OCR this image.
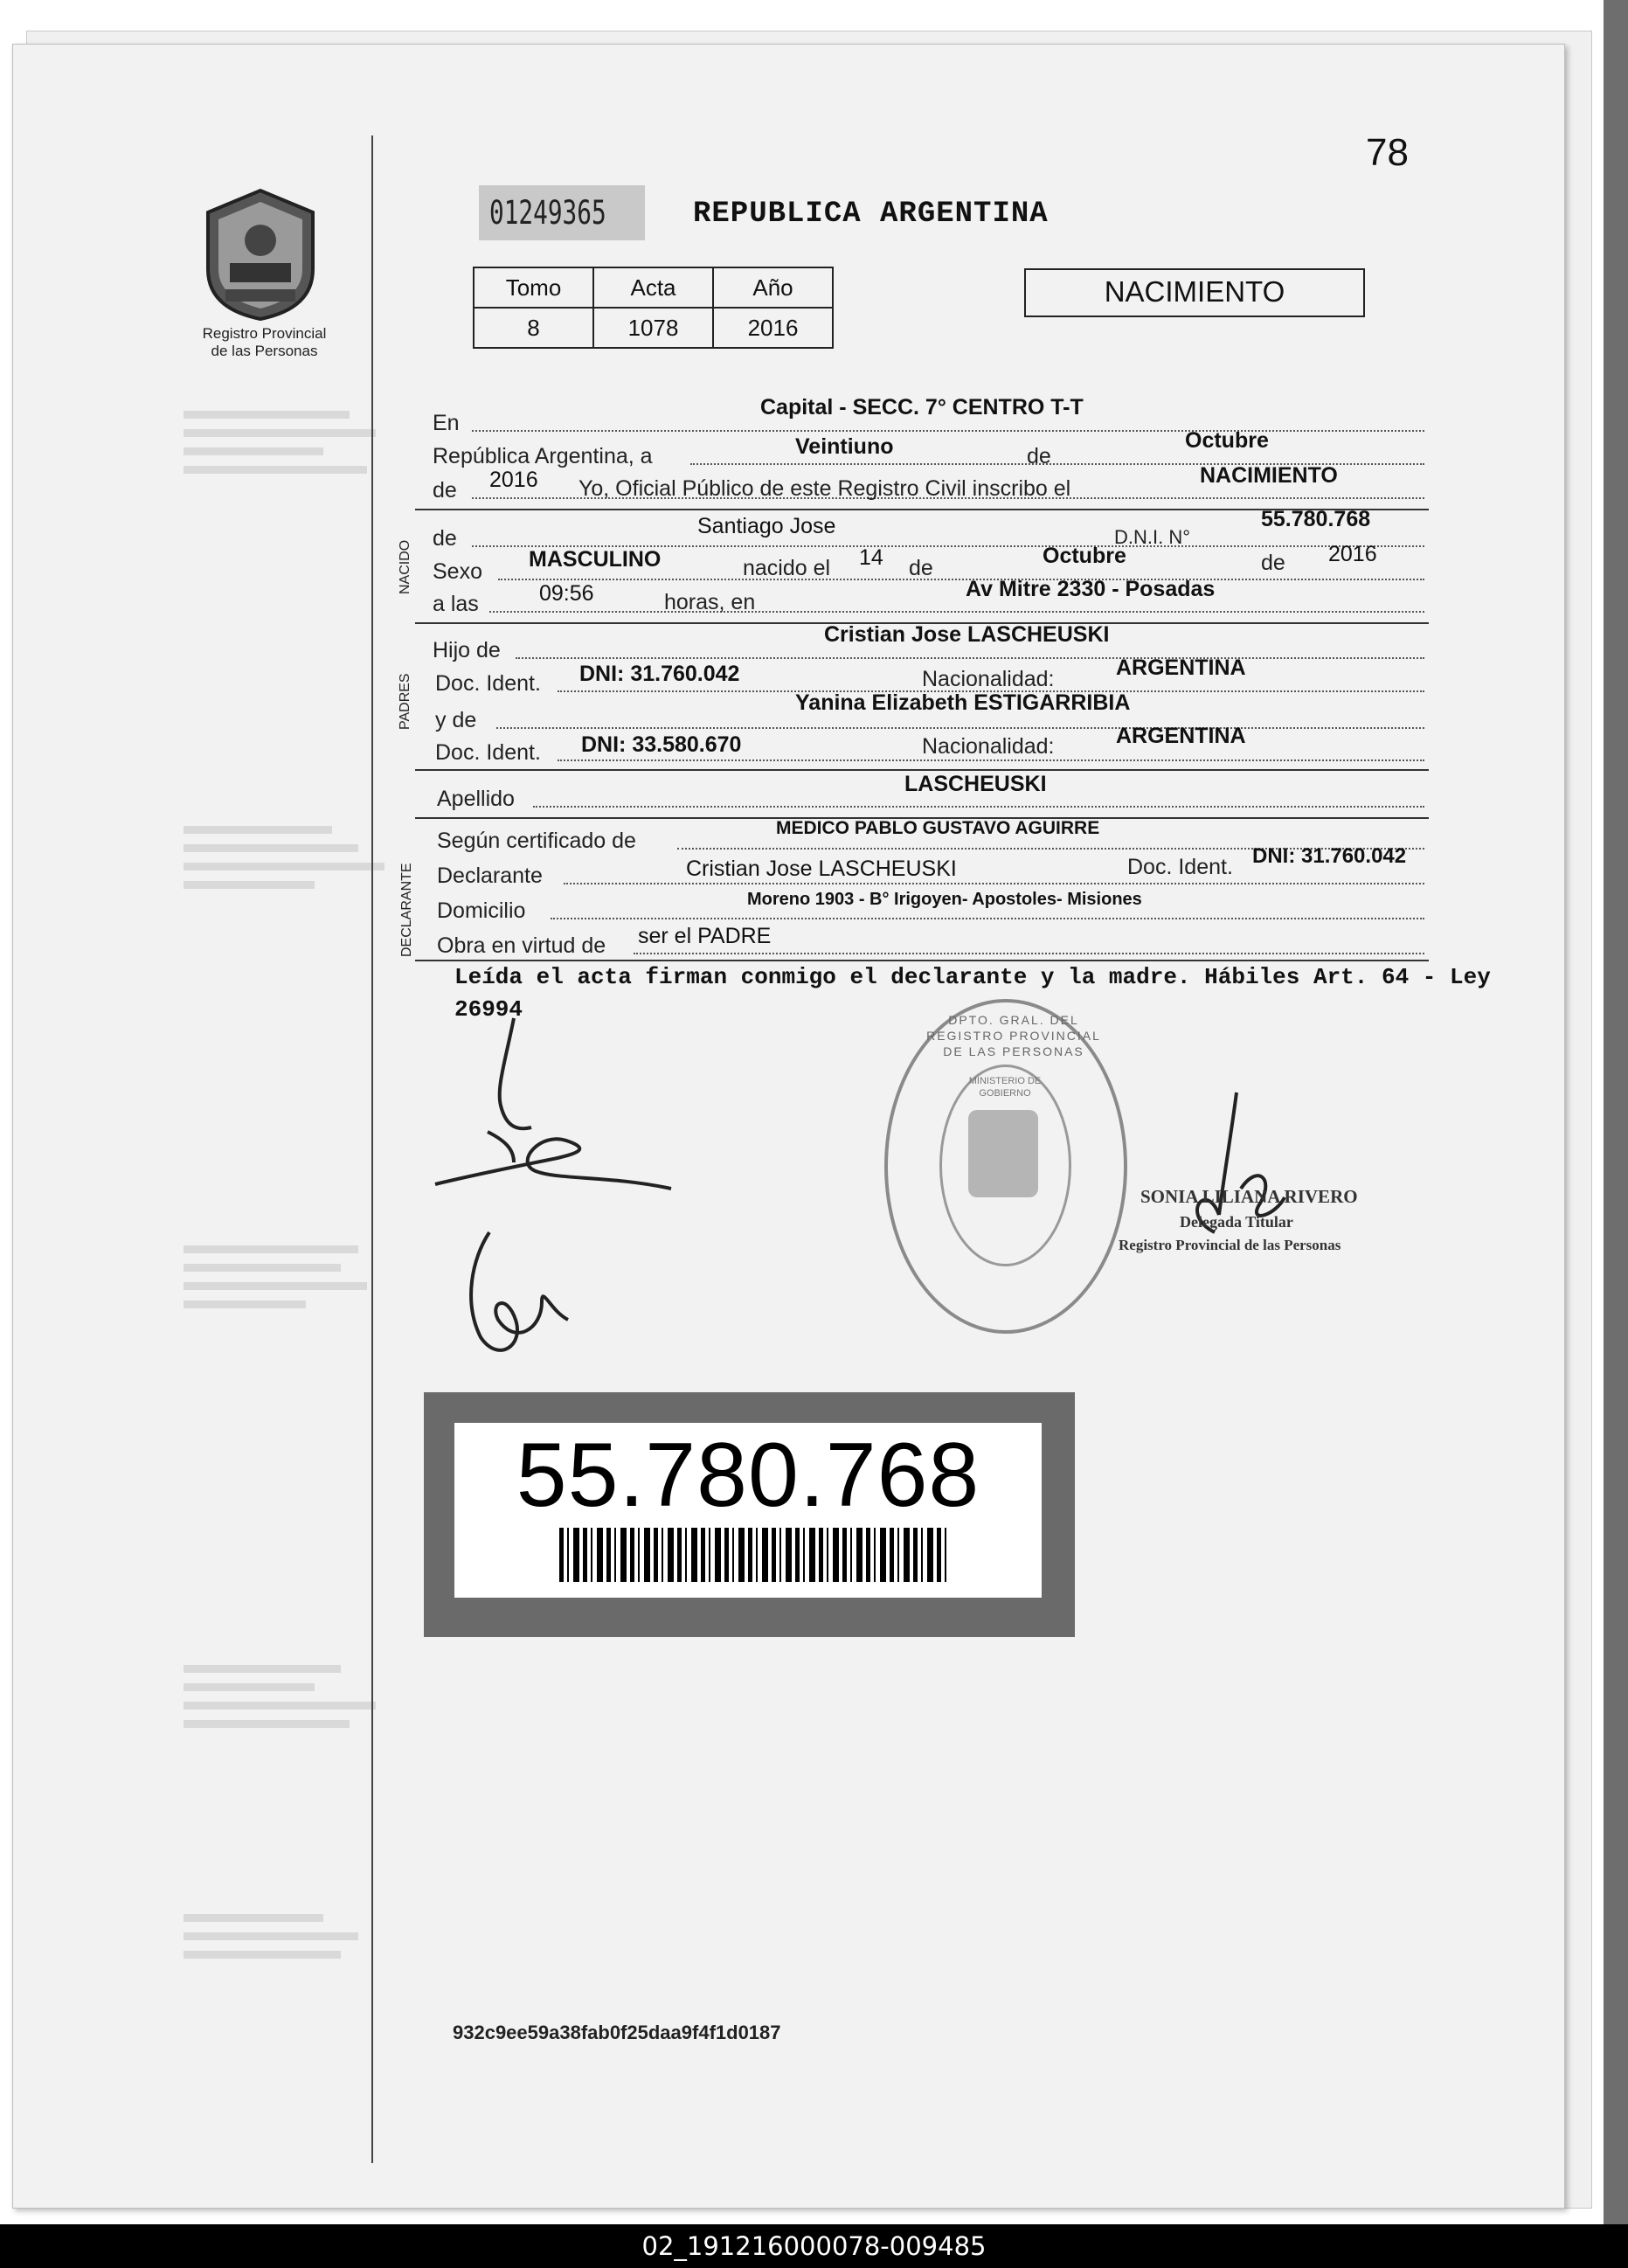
78
Registro Provincial
de las Personas
01249365	REPUBLICA ARGENTINA
Tomo	Acta	Año
8	1078	2016
NACIMIENTO
En
Capital - SECC. 7° CENTRO T-T
República Argentina, a	Veintiuno	de
Octubre
de 2016 Yo, Oficial Público de este Registro Civil inscribo el
NACIMIENTO
NACIDO
de	Santiago Jose	D.N.I. N°
55.780.768
Sexo MASCULINO	nacido el 14 de	Octubre	de 2016
a las	09:56	horas, en
Av Mitre 2330 - Posadas
PADRES
Hijo de
Cristian Jose LASCHEUSKI
Doc. Ident. DNI: 31.760.042	Nacionalidad:	ARGENTINA
y de
Yanina Elizabeth ESTIGARRIBIA
Doc. Ident. DNI: 33.580.670	Nacionalidad:	ARGENTINA
Apellido
LASCHEUSKI
DECLARANTE
Según certificado de
MEDICO PABLO GUSTAVO AGUIRRE
Declarante	Cristian Jose LASCHEUSKI	Doc. Ident. DNI: 31.760.042
Domicilio	Moreno 1903 - B° Irigoyen- Apostoles- Misiones
Obra en virtud de ser el PADRE
Leída el acta firman conmigo el declarante y la madre. Hábiles Art. 64 - Ley
26994	DPTO. GRAL. DEL REGISTRO PROVINCIAL DE LAS PERSONAS
MINISTERIO DE GOBIERNO
SONIA LILIANA RIVERO
Delegada Titular
Registro Provincial de las Personas
55.780.768
932c9ee59a38fab0f25daa9f4f1d0187
02_191216000078-009485
